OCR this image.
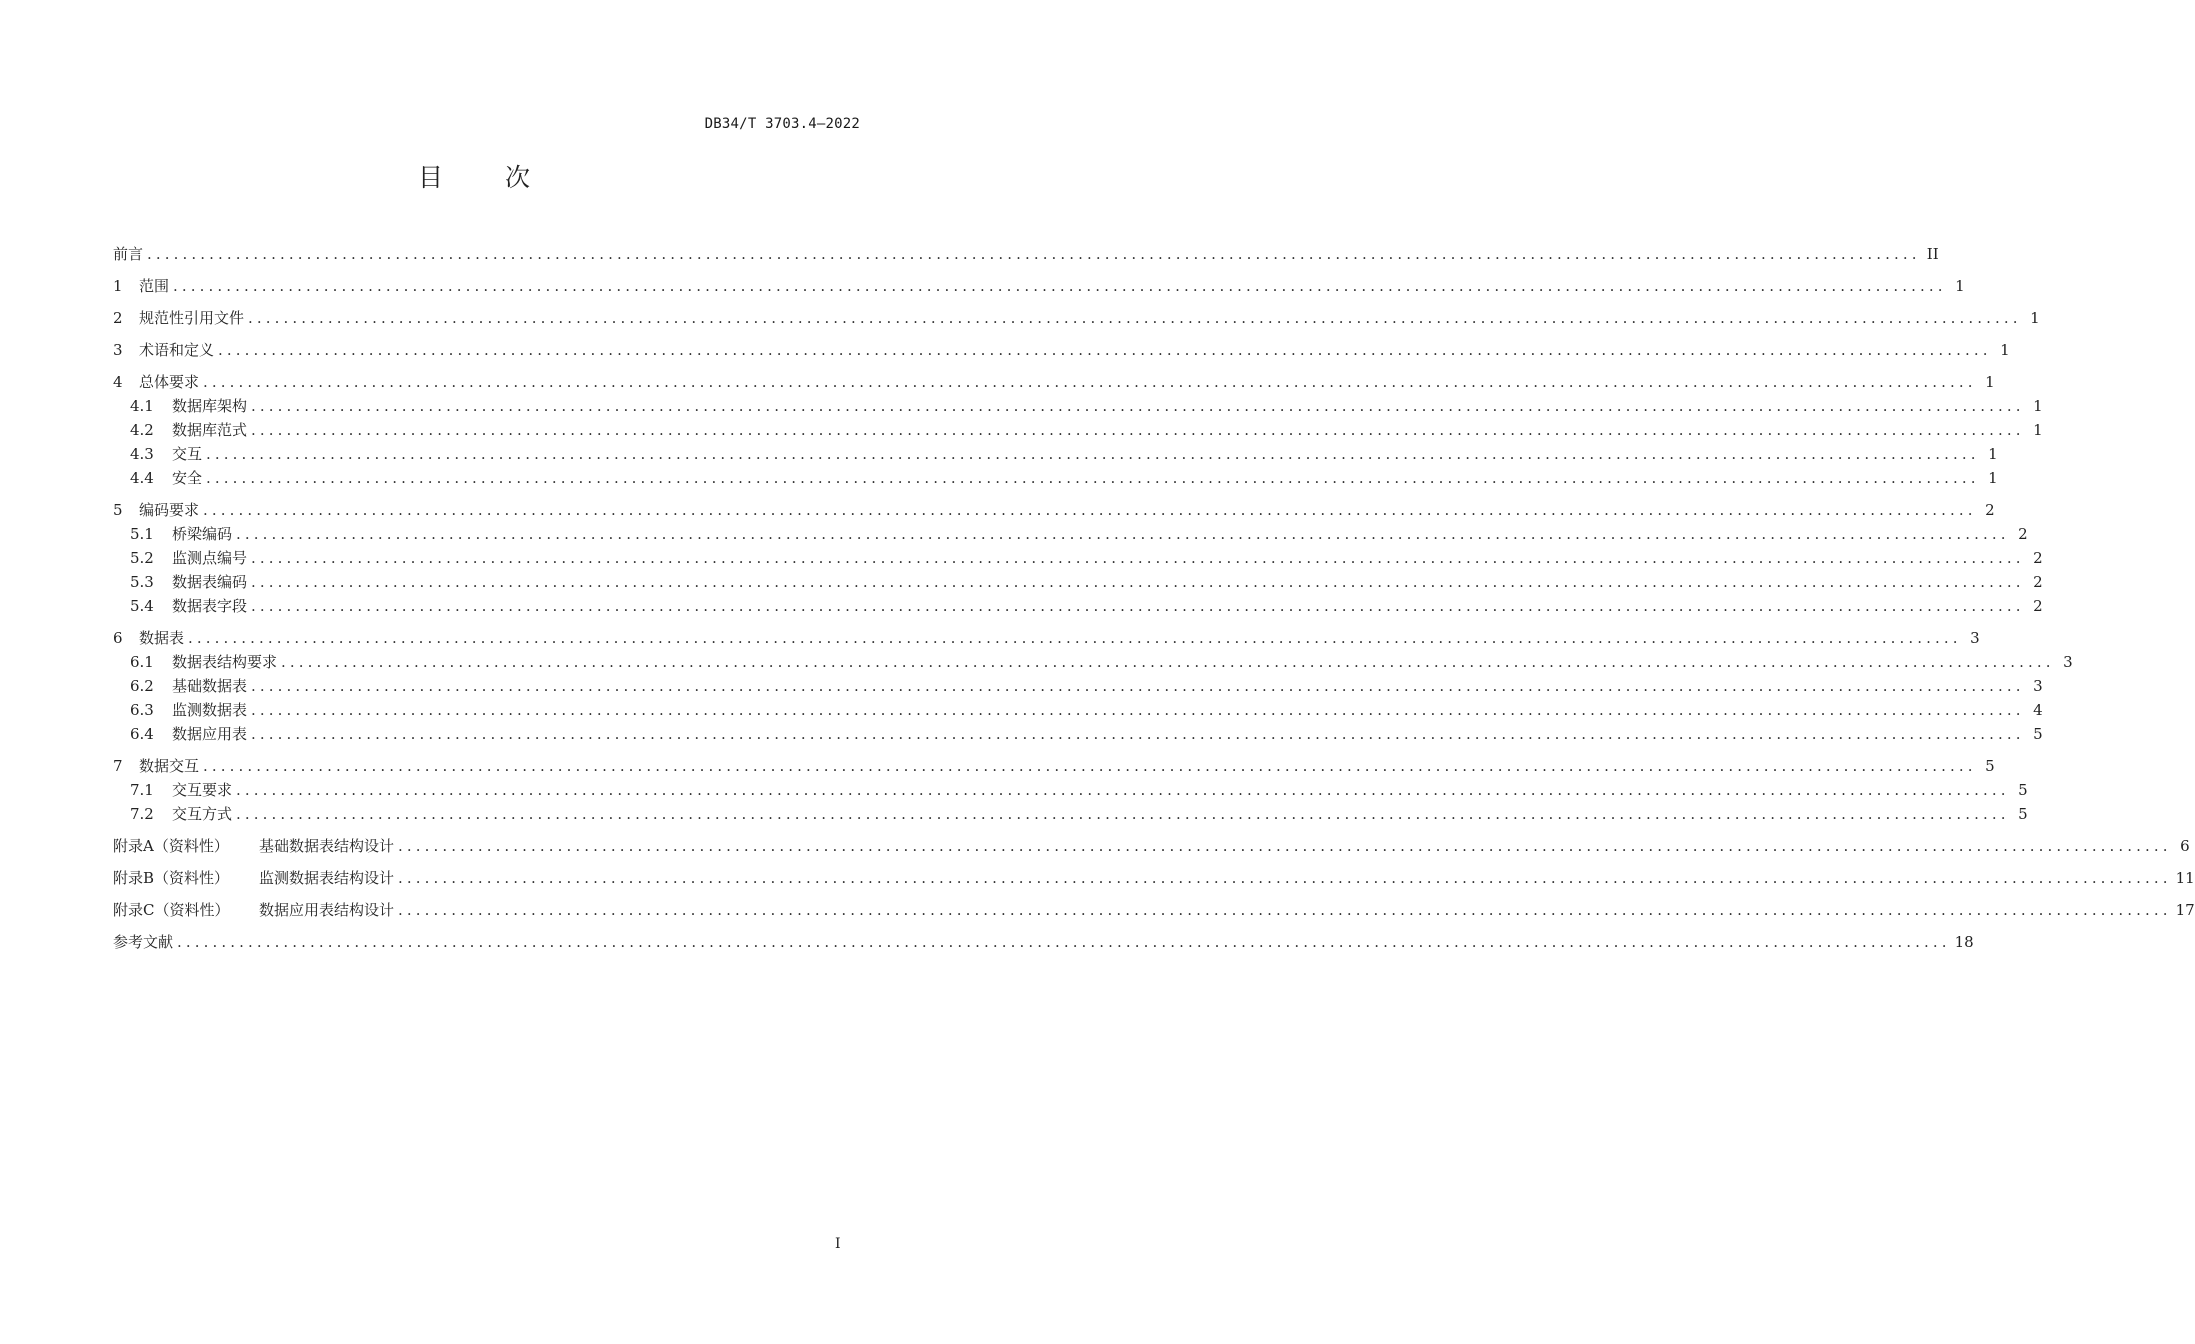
DB34/T 3703.4—2022
目 次
前言 ........................................................................................................................................................................................................ II
1 范围 ........................................................................................................................................................................................................ 1
2 规范性引用文件 ........................................................................................................................................................................................................ 1
3 术语和定义 ........................................................................................................................................................................................................ 1
4 总体要求 ........................................................................................................................................................................................................ 1
4.1 数据库架构 ........................................................................................................................................................................................................ 1
4.2 数据库范式 ........................................................................................................................................................................................................ 1
4.3 交互 ........................................................................................................................................................................................................ 1
4.4 安全 ........................................................................................................................................................................................................ 1
5 编码要求 ........................................................................................................................................................................................................ 2
5.1 桥梁编码 ........................................................................................................................................................................................................ 2
5.2 监测点编号 ........................................................................................................................................................................................................ 2
5.3 数据表编码 ........................................................................................................................................................................................................ 2
5.4 数据表字段 ........................................................................................................................................................................................................ 2
6 数据表 ........................................................................................................................................................................................................ 3
6.1 数据表结构要求 ........................................................................................................................................................................................................ 3
6.2 基础数据表 ........................................................................................................................................................................................................ 3
6.3 监测数据表 ........................................................................................................................................................................................................ 4
6.4 数据应用表 ........................................................................................................................................................................................................ 5
7 数据交互 ........................................................................................................................................................................................................ 5
7.1 交互要求 ........................................................................................................................................................................................................ 5
7.2 交互方式 ........................................................................................................................................................................................................ 5
附录A（资料性） 基础数据表结构设计 ........................................................................................................................................................................................................ 6
附录B（资料性） 监测数据表结构设计 ........................................................................................................................................................................................................ 11
附录C（资料性） 数据应用表结构设计 ........................................................................................................................................................................................................ 17
参考文献 ........................................................................................................................................................................................................ 18
I
